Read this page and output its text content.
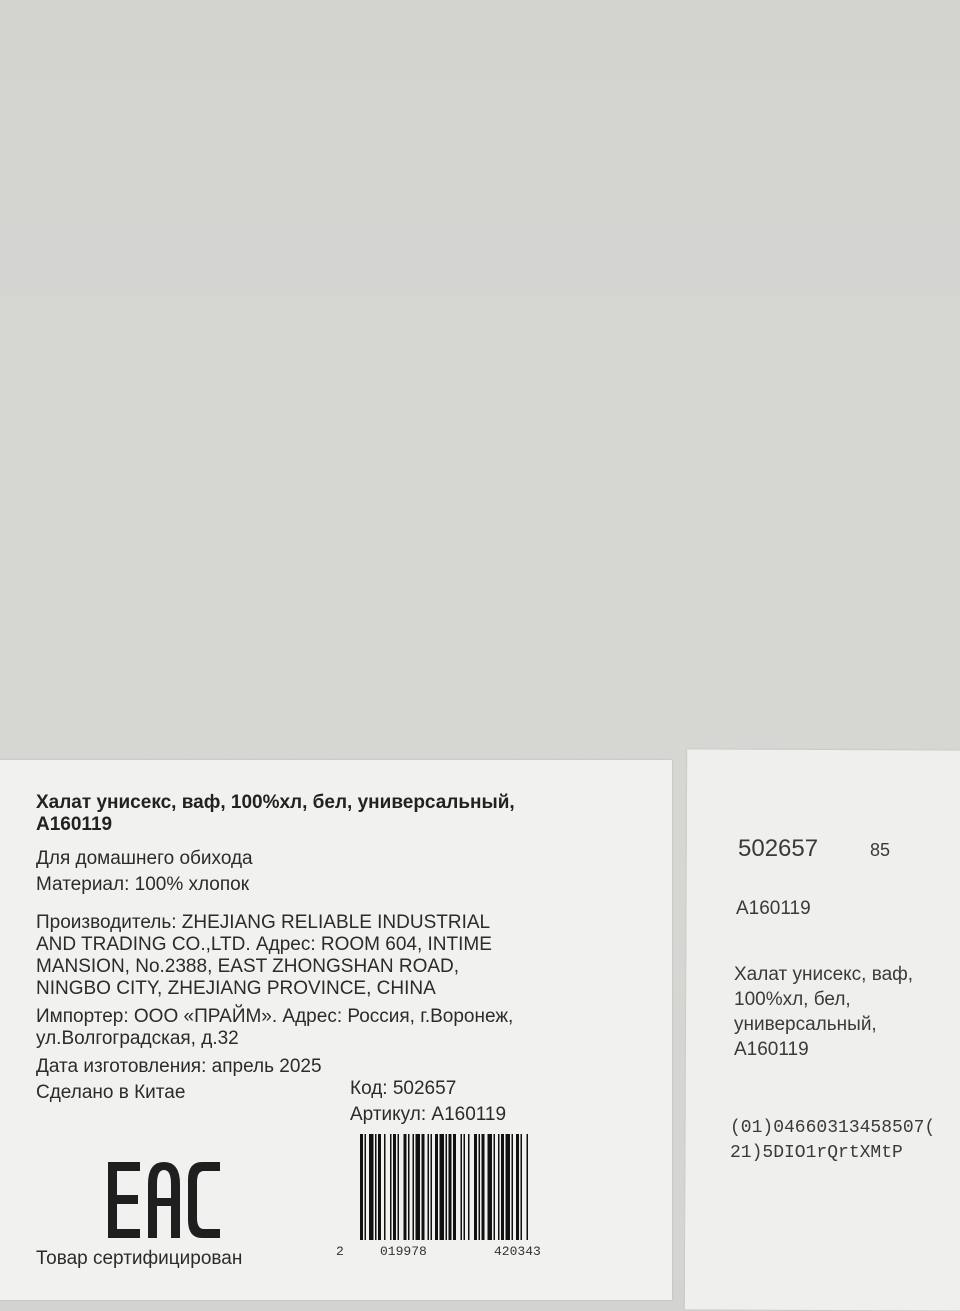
Халат унисекс, ваф, 100%хл, бел, универсальный,
A160119
Для домашнего обихода
Материал: 100% хлопок
Производитель: ZHEJIANG RELIABLE INDUSTRIAL
AND TRADING CO.,LTD. Адрес: ROOM 604, INTIME
MANSION, No.2388, EAST ZHONGSHAN ROAD,
NINGBO CITY, ZHEJIANG PROVINCE, CHINA
Импортер: ООО «ПРАЙМ». Адрес: Россия, г.Воронеж,
ул.Волгоградская, д.32
Дата изготовления: апрель 2025
Сделано в Китае	Код: 502657
Артикул: A160119
Товар сертифицирован	2	019978	420343
502657	85
A160119
Халат унисекс, ваф,
100%хл, бел,
универсальный,
A160119
(01)04660313458507(
21)5DIO1rQrtXMtP
